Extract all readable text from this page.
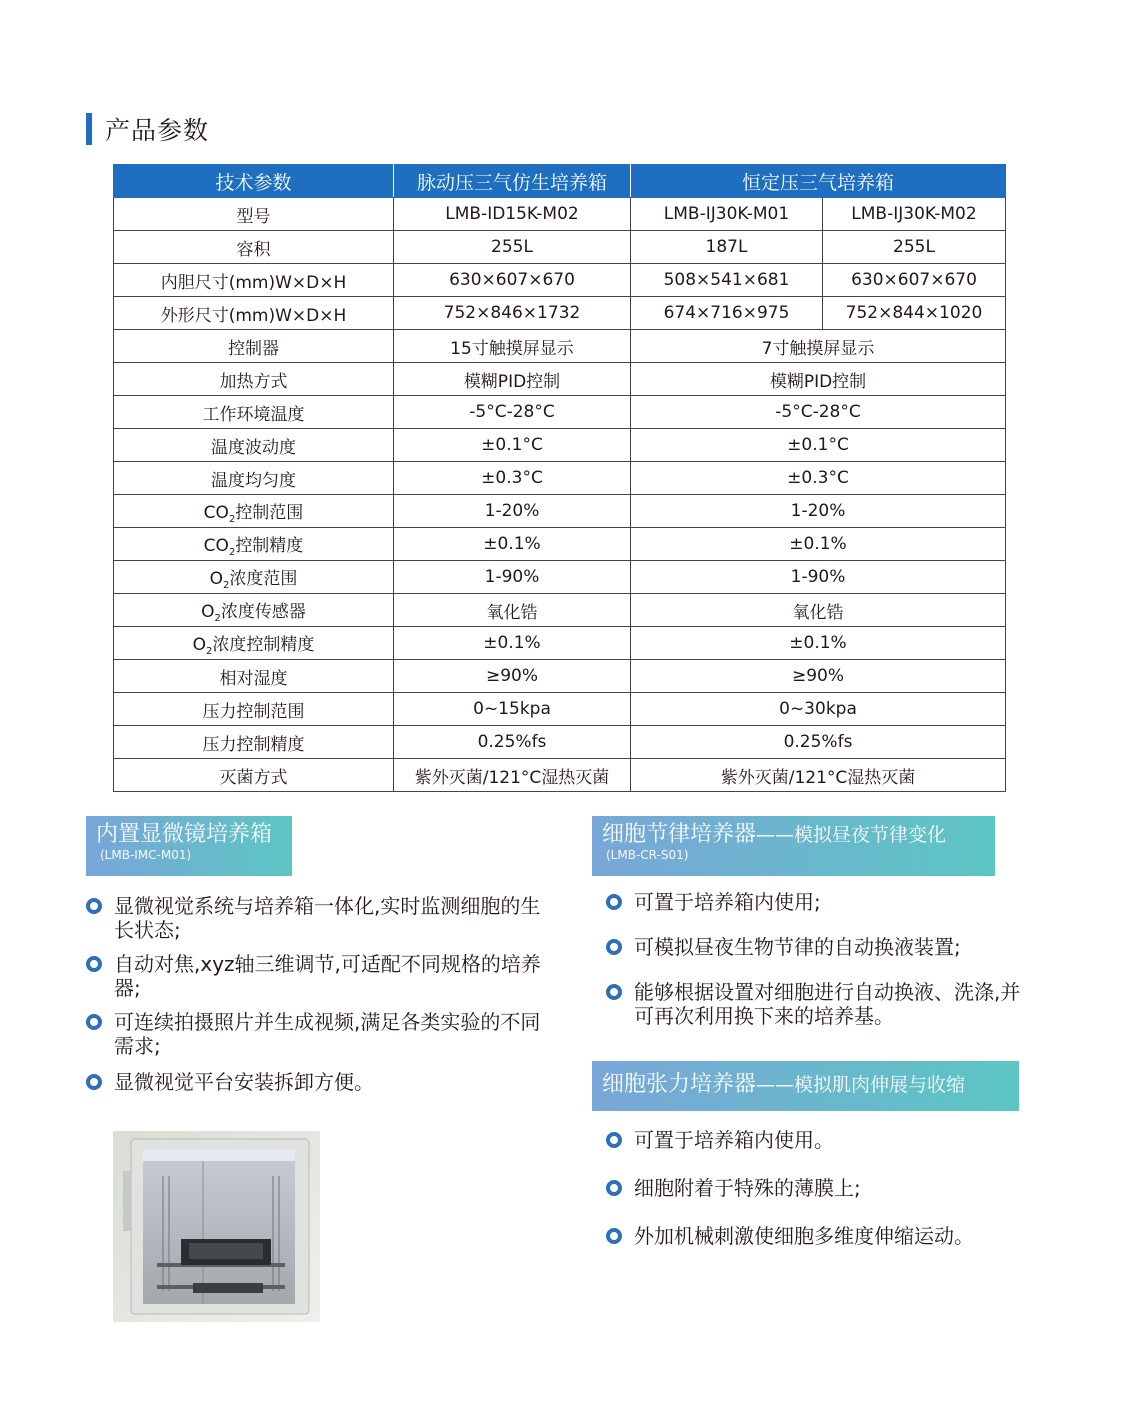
产品参数
技术参数	脉动压三气仿生培养箱	恒定压三气培养箱	
型号	LMB-ID15K-M02	LMB-IJ30K-M01	LMB-IJ30K-M02
容积	255L	187L	255L
内胆尺寸(mm)W×D×H	630×607×670	508×541×681	630×607×670
外形尺寸(mm)W×D×H	752×846×1732	674×716×975	752×844×1020
控制器	15寸触摸屏显示	7寸触摸屏显示	
加热方式	模糊PID控制	模糊PID控制	
工作环境温度	-5°C-28°C	-5°C-28°C	
温度波动度	±0.1°C	±0.1°C	
温度均匀度	±0.3°C	±0.3°C	
$CO_2$控制范围	1-20%	1-20%	
$CO_2$控制精度	±0.1%	±0.1%	
$O_2$浓度范围	1-90%	1-90%	
$O_2$浓度传感器	氧化锆	氧化锆	
$O_2$浓度控制精度	±0.1%	±0.1%	
相对湿度	≥90%	≥90%	
压力控制范围	0~15kpa	0~30kpa	
压力控制精度	0.25%fs	0.25%fs	
灭菌方式	紫外灭菌/121°C湿热灭菌	紫外灭菌/121°C湿热灭菌	
内置显微镜培养箱
(LMB-IMC-M01)
显微视觉系统与培养箱一体化,实时监测细胞的生长状态;
自动对焦,xyz轴三维调节,可适配不同规格的培养器;
可连续拍摄照片并生成视频,满足各类实验的不同需求;
显微视觉平台安装拆卸方便。
细胞节律培养器——模拟昼夜节律变化
(LMB-CR-S01)
可置于培养箱内使用;
可模拟昼夜生物节律的自动换液装置;
能够根据设置对细胞进行自动换液、洗涤,并可再次利用换下来的培养基。
细胞张力培养器——模拟肌肉伸展与收缩
可置于培养箱内使用。
细胞附着于特殊的薄膜上;
外加机械刺激使细胞多维度伸缩运动。
